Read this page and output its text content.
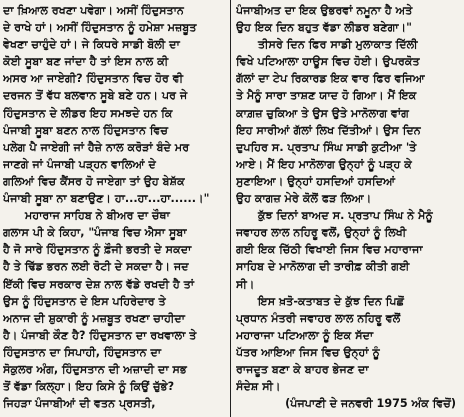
ਦਾ ਖ਼ਿਆਲ ਰਖਣਾ ਪਵੇਗਾ। ਅਸੀਂ ਹਿੰਦੁਸਤਾਨ
ਦੇ ਰਾਖੇ ਹਾਂ। ਅਸੀਂ ਹਿੰਦੁਸਤਾਨ ਨੂੰ ਹਮੇਸ਼ਾ ਮਜ਼ਬੂਤ
ਵੇਖਣਾ ਚਾਹੁੰਦੇ ਹਾਂ। ਜੇ ਕਿਧਰੇ ਸਾਡੀ ਬੋਲੀ ਦਾ
ਕੋਈ ਸੂਬਾ ਬਣ ਜਾਂਦਾ ਹੈ ਤਾਂ ਇਸ ਨਾਲ ਕੀ
ਅਸਰ ਆ ਜਾਏਗੀ? ਹਿੰਦੁਸਤਾਨ ਵਿਚ ਹੋਰ ਵੀ
ਦਰਜਨ ਤੋਂ ਵੱਧ ਬਲਵਾਨ ਸੂਬੇ ਬਣੇ ਹਨ। ਪਰ ਜੇ
ਹਿੰਦੁਸਤਾਨ ਦੇ ਲੀਡਰ ਇਹ ਸਮਝਦੇ ਹਨ ਕਿ
ਪੰਜਾਬੀ ਸੂਬਾ ਬਣਨ ਨਾਲ ਹਿੰਦੁਸਤਾਨ ਵਿਚ
ਪਲੇਗ ਪੈ ਜਾਏਗੀ ਜਾਂ ਹੈਜ਼ੇ ਨਾਲ ਕਰੋੜਾਂ ਬੰਦੇ ਮਰ
ਜਾਣਗੇ ਜਾਂ ਪੰਜਾਬੀ ਪੜ੍ਹਨ ਵਾਲਿਆਂ ਦੇ
ਗਲਿਆਂ ਵਿਚ ਕੈਂਸਰ ਹੋ ਜਾਏਗਾ ਤਾਂ ਉਹ ਬੇਸ਼ੱਕ
ਪੰਜਾਬੀ ਸੂਬਾ ਨਾ ਬਣਾਉਣ। ਹਾ...ਹਾ...ਹਾ......।"
ਮਹਾਰਾਜ ਸਾਹਿਬ ਨੇ ਬੀਅਰ ਦਾ ਚੌਥਾ
ਗਲਾਸ ਪੀ ਕੇ ਕਿਹਾ, "ਪੰਜਾਬ ਵਿਚ ਐਸਾ ਸੂਬਾ
ਹੈ ਜੋ ਸਾਰੇ ਹਿੰਦੁਸਤਾਨ ਨੂੰ ਫ਼ੌਜੀ ਭਰਤੀ ਦੇ ਸਕਦਾ
ਹੈ ਤੇ ਢਿੱਡ ਭਰਨ ਲਈ ਰੋਟੀ ਦੇ ਸਕਦਾ ਹੈ। ਜਦ
ਇੱਕੀ ਵਿਚ ਸਰਕਾਰ ਦੇਸ਼ ਨਾਲ ਵੱਡੇ ਰਖਦੀ ਹੈ ਤਾਂ
ਉਸ ਨੂੰ ਹਿੰਦੁਸਤਾਨ ਦੇ ਇਸ ਪਹਿਰੇਦਾਰ ਤੇ
ਅਨਾਜ ਦੀ ਸ਼ੁਕਾਰੀ ਨੂੰ ਮਜ਼ਬੂਤ ਰਖਣਾ ਚਾਹੀਦਾ
ਹੈ। ਪੰਜਾਬੀ ਕੌਣ ਹੈ? ਹਿੰਦੁਸਤਾਨ ਦਾ ਰਖਵਾਲਾ ਤੇ
ਹਿੰਦੁਸਤਾਨ ਦਾ ਸਿਪਾਹੀ, ਹਿੰਦੁਸਤਾਨ ਦਾ
ਸੋਕੁਲਰ ਅੰਗ, ਹਿੰਦੁਸਤਾਨ ਦੀ ਅਜ਼ਾਦੀ ਦਾ ਸਭ
ਤੋਂ ਵੱਡਾ ਕਿਲ੍ਹਾ। ਇਹ ਕਿਸੇ ਨੂੰ ਕਿਉਂ ਚੁੱਭੇ?
ਜਿਹੜਾ ਪੰਜਾਬੀਆਂ ਦੀ ਵਤਨ ਪ੍ਰਸਤੀ,
ਪੰਜਾਬੀਅਤ ਦਾ ਇਕ ਉਭਰਵਾਂ ਨਮੂਨਾ ਹੈ ਅਤੇ
ਉਹ ਇਕ ਦਿਨ ਬਹੁਤ ਵੱਡਾ ਲੀਡਰ ਬਣੇਗਾ।"
ਤੀਸਰੇ ਦਿਨ ਫਿਰ ਸਾਡੀ ਮੁਲਾਕਾਤ ਦਿੱਲੀ
ਵਿਖੇ ਪਟਿਆਲਾ ਹਾਊਸ ਵਿਚ ਹੋਈ। ਉਪਰਕੋਤ
ਗੱਲਾਂ ਦਾ ਟੇਪ ਰਿਕਾਰਡ ਇਕ ਵਾਰ ਫਿਰ ਵਜਿਆ
ਤੇ ਮੈਨੂੰ ਸਾਰਾ ਤਾਸ਼ਣ ਯਾਦ ਹੋ ਗਿਆ। ਮੈਂ ਇਕ
ਕਾਗ਼ਜ਼ ਚੁਕਿਆ ਤੇ ਉਸ ਉਤੇ ਮਾਨੋਲਾਗ ਵਾਂਗ
ਇਹ ਸਾਰੀਆਂ ਗੱਲਾਂ ਲਿਖ ਦਿੱਤੀਆਂ। ਉਸ ਦਿਨ
ਦੁਪਹਿਰ ਸ. ਪ੍ਰਤਾਪ ਸਿੰਘ ਸਾਡੀ ਕੁਟੀਆ 'ਤੇ
ਆਏ। ਮੈਂ ਇਹ ਮਾਨੋਲਾਗ ਉਨ੍ਹਾਂ ਨੂੰ ਪੜ੍ਹ ਕੇ
ਸੁਣਾਇਆ। ਉਨ੍ਹਾਂ ਹਸਦਿਆਂ ਹਸਦਿਆਂ
ਉਹ ਕਾਗਜ਼ ਮੇਰੇ ਕੋਲੋਂ ਫੜ ਲਿਆ।
ਕੁੱਝ ਦਿਨਾਂ ਬਾਅਦ ਸ. ਪ੍ਰਤਾਪ ਸਿੰਘ ਨੇ ਮੈਨੂੰ
ਜਵਾਹਰ ਲਾਲ ਨਹਿਰੂ ਵਲੋਂ, ਉਨ੍ਹਾਂ ਨੂੰ ਲਿਖੀ
ਗਈ ਇਕ ਚਿੱਠੀ ਵਿਖਾਈ ਜਿਸ ਵਿਚ ਮਹਾਰਾਜਾ
ਸਾਹਿਬ ਦੇ ਮਾਨੋਲਾਗ ਦੀ ਤਾਰੀਫ਼ ਕੀਤੀ ਗਈ
ਸੀ।
ਇਸ ਖ਼ਤੋ-ਕਤਾਬਤ ਦੇ ਕੁੱਝ ਦਿਨ ਪਿਛੋਂ
ਪ੍ਰਧਾਨ ਮੰਤਰੀ ਜਵਾਹਰ ਲਾਲ ਨਹਿਰੂ ਵਲੋਂ
ਮਹਾਰਾਜਾ ਪਟਿਆਲਾ ਨੂੰ ਇਕ ਸੱਦਾ
ਪੱਤਰ ਆਇਆ ਜਿਸ ਵਿਚ ਉਨ੍ਹਾਂ ਨੂੰ
ਰਾਜਦੂਤ ਬਣਾ ਕੇ ਬਾਹਰ ਭੇਜਣ ਦਾ
ਸੰਦੇਸ਼ ਸੀ।
(ਪੰਜਪਾਣੀ ਦੇ ਜਨਵਰੀ 1975 ਅੰਕ ਵਿਚੋਂ)
